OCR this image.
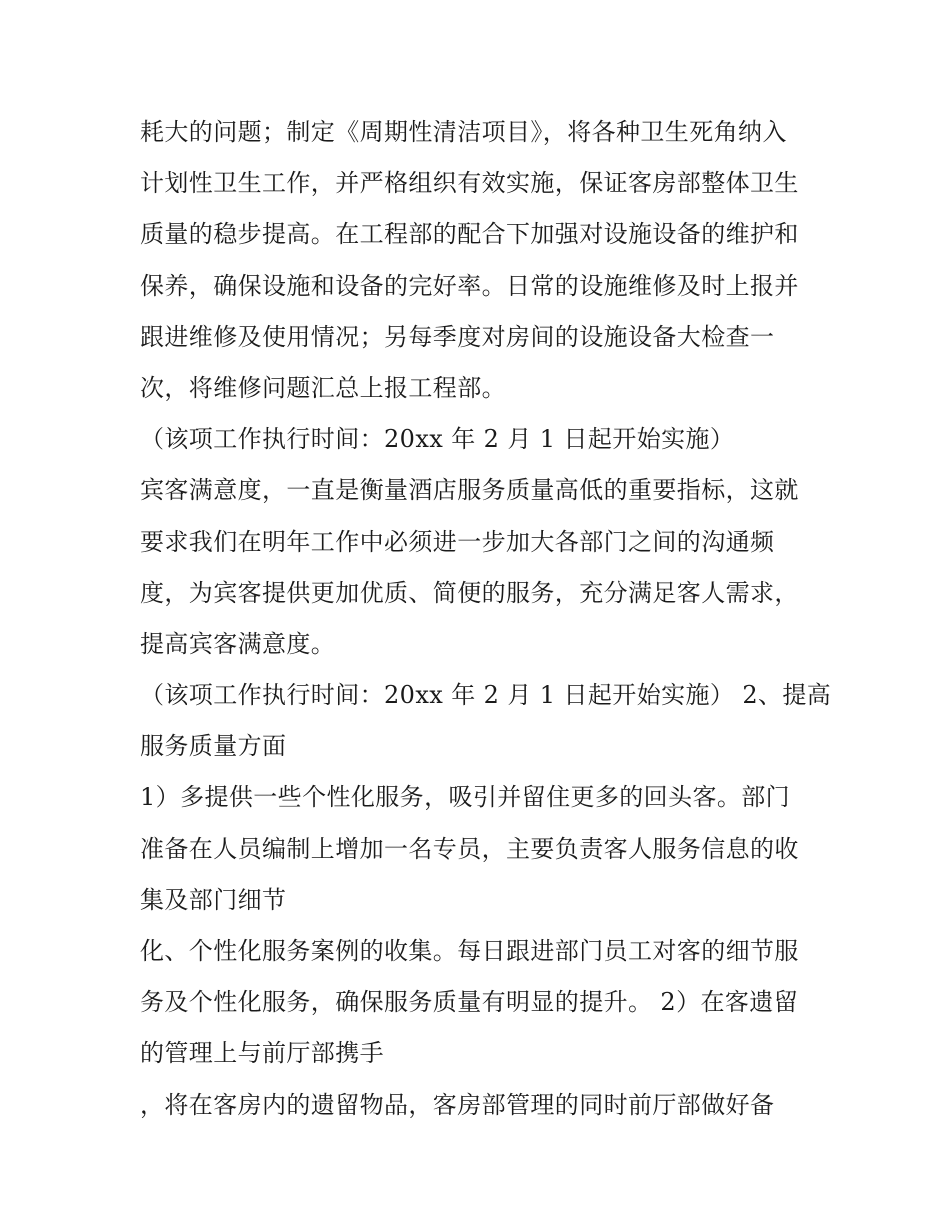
耗大的问题；制定《周期性清洁项目》，将各种卫生死角纳入
计划性卫生工作，并严格组织有效实施，保证客房部整体卫生
质量的稳步提高。在工程部的配合下加强对设施设备的维护和
保养，确保设施和设备的完好率。日常的设施维修及时上报并
跟进维修及使用情况；另每季度对房间的设施设备大检查一
次，将维修问题汇总上报工程部。
（该项工作执行时间：20xx 年 2 月 1 日起开始实施）
宾客满意度，一直是衡量酒店服务质量高低的重要指标，这就
要求我们在明年工作中必须进一步加大各部门之间的沟通频
度，为宾客提供更加优质、简便的服务，充分满足客人需求，
提高宾客满意度。
（该项工作执行时间：20xx 年 2 月 1 日起开始实施） 2、提高
服务质量方面
1）多提供一些个性化服务，吸引并留住更多的回头客。部门
准备在人员编制上增加一名专员，主要负责客人服务信息的收
集及部门细节
化、个性化服务案例的收集。每日跟进部门员工对客的细节服
务及个性化服务，确保服务质量有明显的提升。 2）在客遗留
的管理上与前厅部携手
，将在客房内的遗留物品，客房部管理的同时前厅部做好备
